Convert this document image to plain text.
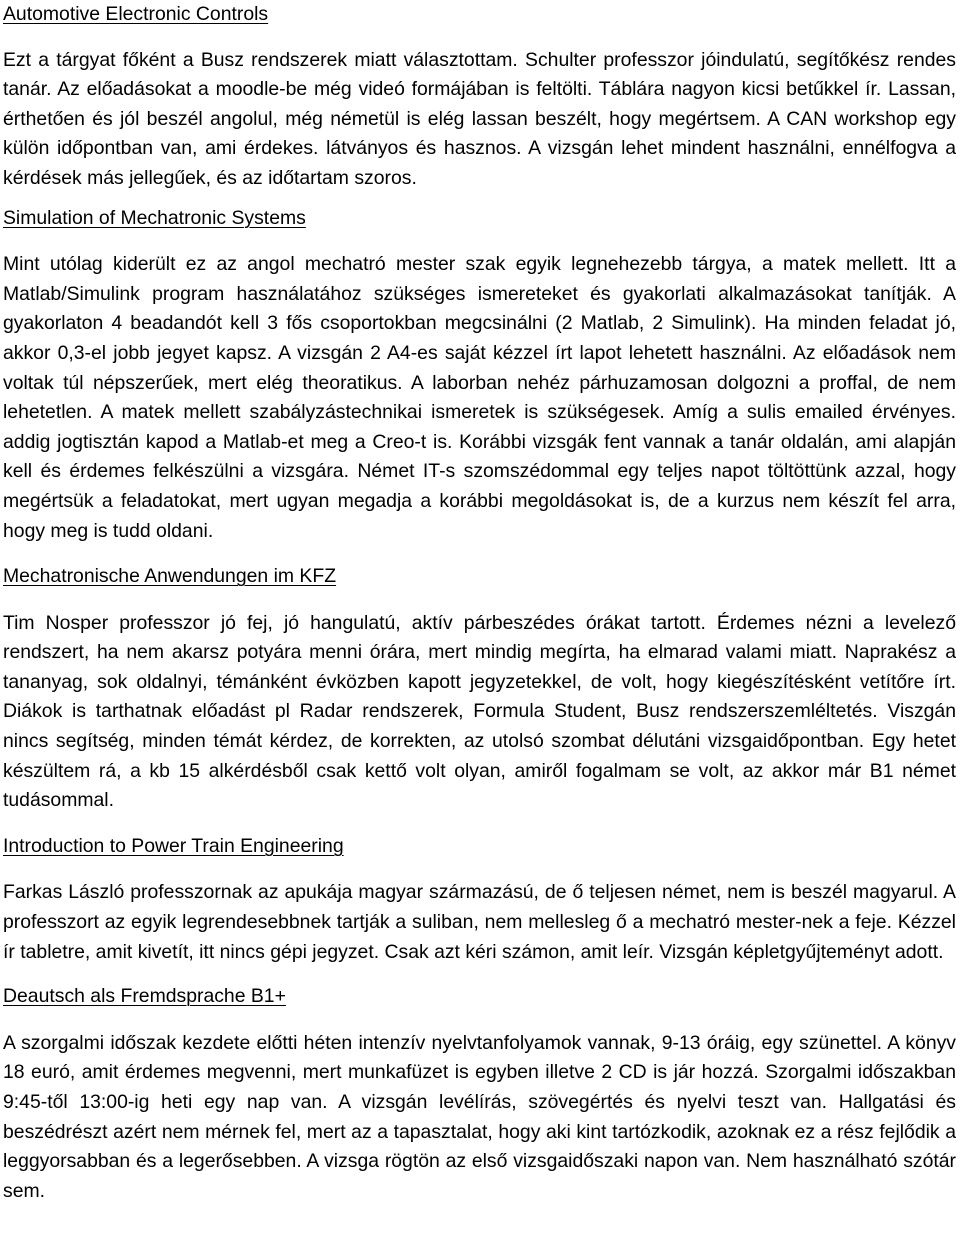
Automotive Electronic Controls

Ezt a tárgyat főként a Busz rendszerek miatt választottam. Schulter professzor jóindulatú, segítőkész rendes tanár. Az előadásokat a moodle-be még videó formájában is feltölti. Táblára nagyon kicsi betűkkel ír. Lassan, érthetően és jól beszél angolul, még németül is elég lassan beszélt, hogy megértsem. A CAN workshop egy külön időpontban van, ami érdekes. látványos és hasznos. A vizsgán lehet mindent használni, ennélfogva a kérdések más jellegűek, és az időtartam szoros.

Simulation of Mechatronic Systems

Mint utólag kiderült ez az angol mechatró mester szak egyik legnehezebb tárgya, a matek mellett. Itt a Matlab/Simulink program használatához szükséges ismereteket és gyakorlati alkalmazásokat tanítják. A gyakorlaton 4 beadandót kell 3 fős csoportokban megcsinálni (2 Matlab, 2 Simulink). Ha minden feladat jó, akkor 0,3-el jobb jegyet kapsz. A vizsgán 2 A4-es saját kézzel írt lapot lehetett használni. Az előadások nem voltak túl népszerűek, mert elég theoratikus. A laborban nehéz párhuzamosan dolgozni a proffal, de nem lehetetlen. A matek mellett szabályzástechnikai ismeretek is szükségesek. Amíg a sulis emailed érvényes. addig jogtisztán kapod a Matlab-et meg a Creo-t is. Korábbi vizsgák fent vannak a tanár oldalán, ami alapján kell és érdemes felkészülni a vizsgára. Német IT-s szomszédommal egy teljes napot töltöttünk azzal, hogy megértsük a feladatokat, mert ugyan megadja a korábbi megoldásokat is, de a kurzus nem készít fel arra, hogy meg is tudd oldani.

Mechatronische Anwendungen im KFZ

Tim Nosper professzor jó fej, jó hangulatú, aktív párbeszédes órákat tartott. Érdemes nézni a levelező rendszert, ha nem akarsz potyára menni órára, mert mindig megírta, ha elmarad valami miatt. Naprakész a tananyag, sok oldalnyi, témánként évközben kapott jegyzetekkel, de volt, hogy kiegészítésként vetítőre írt. Diákok is tarthatnak előadást pl Radar rendszerek, Formula Student, Busz rendszerszemléltetés. Viszgán nincs segítség, minden témát kérdez, de korrekten, az utolsó szombat délutáni vizsgaidőpontban. Egy hetet készültem rá, a kb 15 alkérdésből csak kettő volt olyan, amiről fogalmam se volt, az akkor már B1 német tudásommal.

Introduction to Power Train Engineering

Farkas László professzornak az apukája magyar származású, de ő teljesen német, nem is beszél magyarul. A professzort az egyik legrendesebbnek tartják a suliban, nem mellesleg ő a mechatró mester-nek a feje. Kézzel ír tabletre, amit kivetít, itt nincs gépi jegyzet. Csak azt kéri számon, amit leír. Vizsgán képletgyűjteményt adott.

Deautsch als Fremdsprache B1+

A szorgalmi időszak kezdete előtti héten intenzív nyelvtanfolyamok vannak, 9-13 óráig, egy szünettel. A könyv 18 euró, amit érdemes megvenni, mert munkafüzet is egyben illetve 2 CD is jár hozzá. Szorgalmi időszakban 9:45-től 13:00-ig heti egy nap van. A vizsgán levélírás, szövegértés és nyelvi teszt van. Hallgatási és beszédrészt azért nem mérnek fel, mert az a tapasztalat, hogy aki kint tartózkodik, azoknak ez a rész fejlődik a leggyorsabban és a legerősebben. A vizsga rögtön az első vizsgaidőszaki napon van. Nem használható szótár sem.
